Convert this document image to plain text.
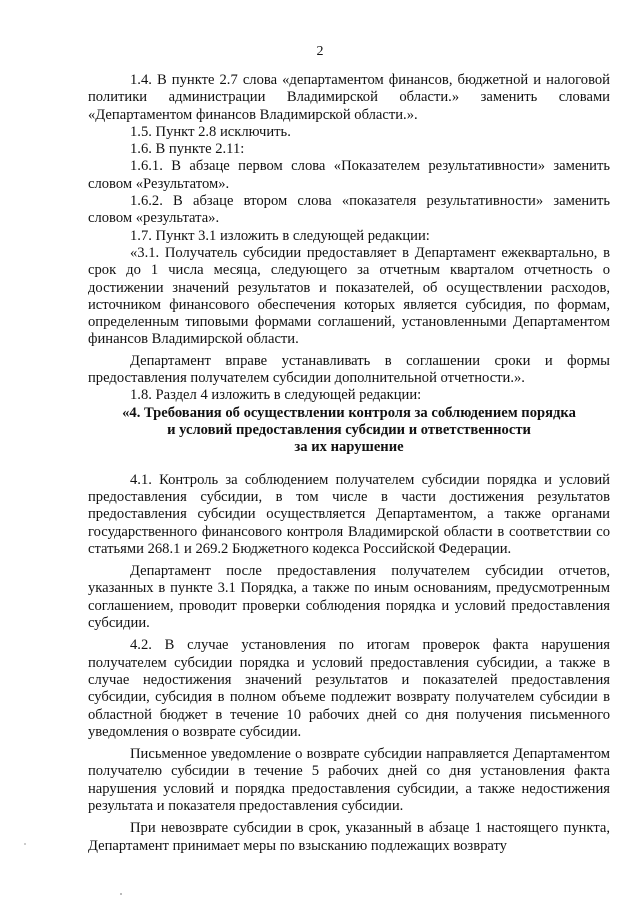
2

1.4. В пункте 2.7 слова «департаментом финансов, бюджетной и налоговой политики администрации Владимирской области.» заменить словами «Департаментом финансов Владимирской области.».

1.5. Пункт 2.8 исключить.

1.6. В пункте 2.11:

1.6.1. В абзаце первом слова «Показателем результативности» заменить словом «Результатом».

1.6.2. В абзаце втором слова «показателя результативности» заменить словом «результата».

1.7. Пункт 3.1 изложить в следующей редакции:

«3.1. Получатель субсидии предоставляет в Департамент ежеквартально, в срок до 1 числа месяца, следующего за отчетным кварталом отчетность о достижении значений результатов и показателей, об осуществлении расходов, источником финансового обеспечения которых является субсидия, по формам, определенным типовыми формами соглашений, установленными Департаментом финансов Владимирской области.

Департамент вправе устанавливать в соглашении сроки и формы предоставления получателем субсидии дополнительной отчетности.».

1.8. Раздел 4 изложить в следующей редакции:

«4. Требования об осуществлении контроля за соблюдением порядка
и условий предоставления субсидии и ответственности
за их нарушение

4.1. Контроль за соблюдением получателем субсидии порядка и условий предоставления субсидии, в том числе в части достижения результатов предоставления субсидии осуществляется Департаментом, а также органами государственного финансового контроля Владимирской области в соответствии со статьями 268.1 и 269.2 Бюджетного кодекса Российской Федерации.

Департамент после предоставления получателем субсидии отчетов, указанных в пункте 3.1 Порядка, а также по иным основаниям, предусмотренным соглашением, проводит проверки соблюдения порядка и условий предоставления субсидии.

4.2. В случае установления по итогам проверок факта нарушения получателем субсидии порядка и условий предоставления субсидии, а также в случае недостижения значений результатов и показателей предоставления субсидии, субсидия в полном объеме подлежит возврату получателем субсидии в областной бюджет в течение 10 рабочих дней со дня получения письменного уведомления о возврате субсидии.

Письменное уведомление о возврате субсидии направляется Департаментом получателю субсидии в течение 5 рабочих дней со дня установления факта нарушения условий и порядка предоставления субсидии, а также недостижения результата и показателя предоставления субсидии.

При невозврате субсидии в срок, указанный в абзаце 1 настоящего пункта, Департамент принимает меры по взысканию подлежащих возврату
